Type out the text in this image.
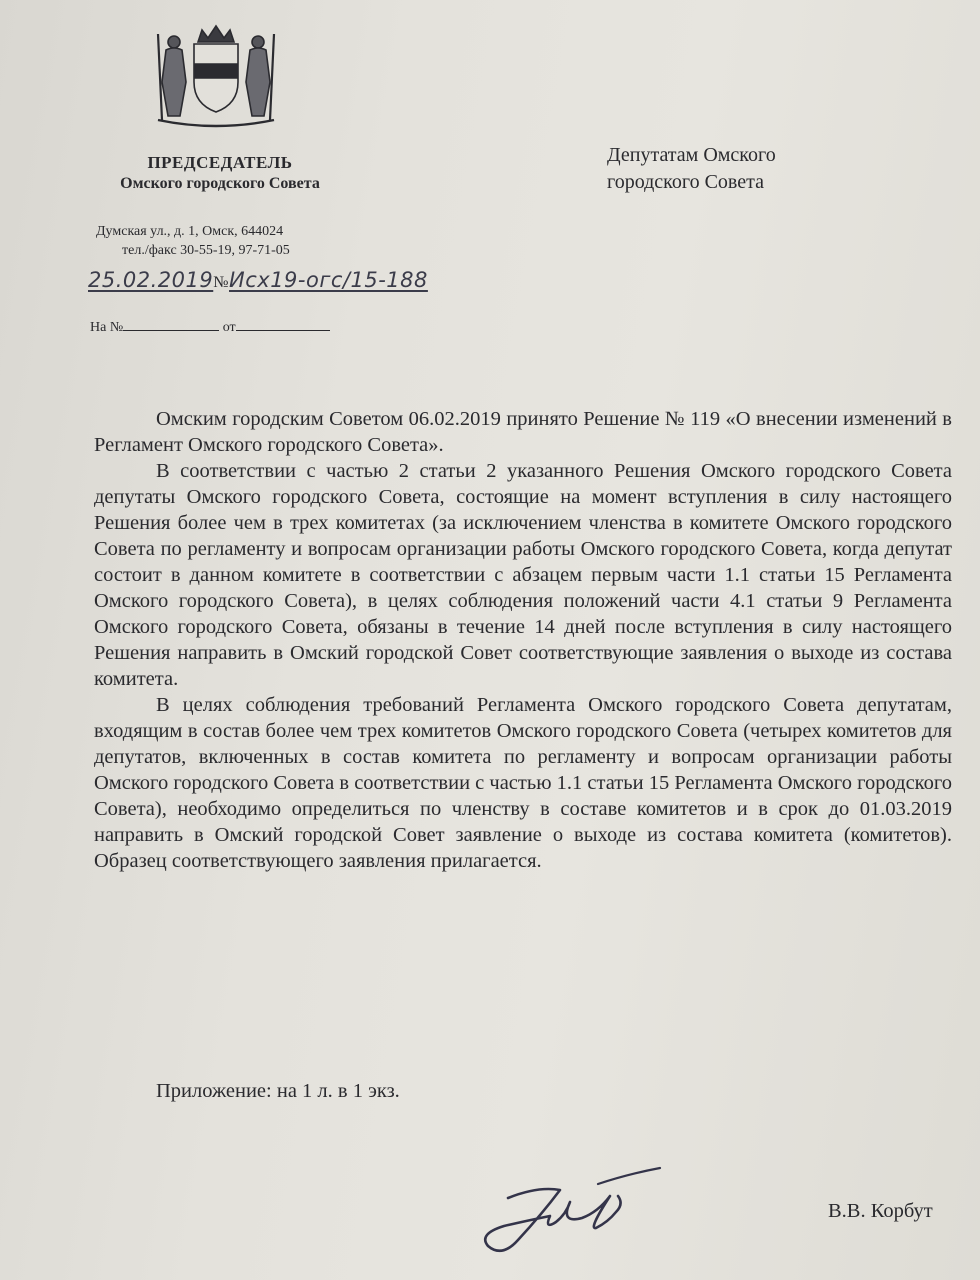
ПРЕДСЕДАТЕЛЬ
Омского городского Совета
Думская ул., д. 1, Омск, 644024
тел./факс 30-55-19, 97-71-05
25.02.2019№Исх19-огс/15-188
На №	от
Депутатам Омского
городского Совета

Омским городским Советом 06.02.2019 принято Решение № 119 «О внесении изменений в Регламент Омского городского Совета».

В соответствии с частью 2 статьи 2 указанного Решения Омского городского Совета депутаты Омского городского Совета, состоящие на момент вступления в силу настоящего Решения более чем в трех комитетах (за исключением членства в комитете Омского городского Совета по регламенту и вопросам организации работы Омского городского Совета, когда депутат состоит в данном комитете в соответствии с абзацем первым части 1.1 статьи 15 Регламента Омского городского Совета), в целях соблюдения положений части 4.1 статьи 9 Регламента Омского городского Совета, обязаны в течение 14 дней после вступления в силу настоящего Решения направить в Омский городской Совет соответствующие заявления о выходе из состава комитета.

В целях соблюдения требований Регламента Омского городского Совета депутатам, входящим в состав более чем трех комитетов Омского городского Совета (четырех комитетов для депутатов, включенных в состав комитета по регламенту и вопросам организации работы Омского городского Совета в соответствии с частью 1.1 статьи 15 Регламента Омского городского Совета), необходимо определиться по членству в составе комитетов и в срок до 01.03.2019 направить в Омский городской Совет заявление о выходе из состава комитета (комитетов). Образец соответствующего заявления прилагается.

Приложение: на 1 л. в 1 экз.
В.В. Корбут
